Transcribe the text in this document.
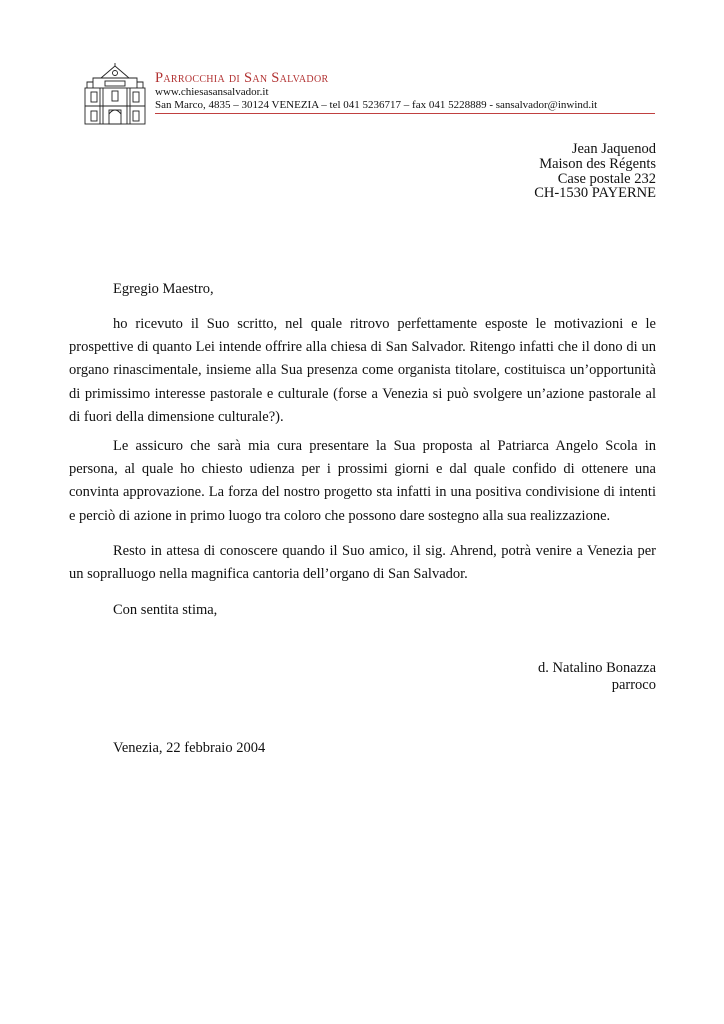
Parrocchia di San Salvador
www.chiesasansalvador.it
San Marco, 4835 – 30124 VENEZIA – tel 041 5236717 – fax 041 5228889 - sansalvador@inwind.it
Jean Jaquenod
Maison des Régents
Case postale 232
CH-1530 PAYERNE
Egregio Maestro,

ho ricevuto il Suo scritto, nel quale ritrovo perfettamente esposte le motivazioni e le prospettive di quanto Lei intende offrire alla chiesa di San Salvador. Ritengo infatti che il dono di un organo rinascimentale, insieme alla Sua presenza come organista titolare, costituisca un’opportunità di primissimo interesse pastorale e culturale (forse a Venezia si può svolgere un’azione pastorale al di fuori della dimensione culturale?).

Le assicuro che sarà mia cura presentare la Sua proposta al Patriarca Angelo Scola in persona, al quale ho chiesto udienza per i prossimi giorni e dal quale confido di ottenere una convinta approvazione. La forza del nostro progetto sta infatti in una positiva condivisione di intenti e perciò di azione in primo luogo tra coloro che possono dare sostegno alla sua realizzazione.

Resto in attesa di conoscere quando il Suo amico, il sig. Ahrend, potrà venire a Venezia per un sopralluogo nella magnifica cantoria dell’organo di San Salvador.

Con sentita stima,
d. Natalino Bonazza
parroco
Venezia, 22 febbraio 2004
